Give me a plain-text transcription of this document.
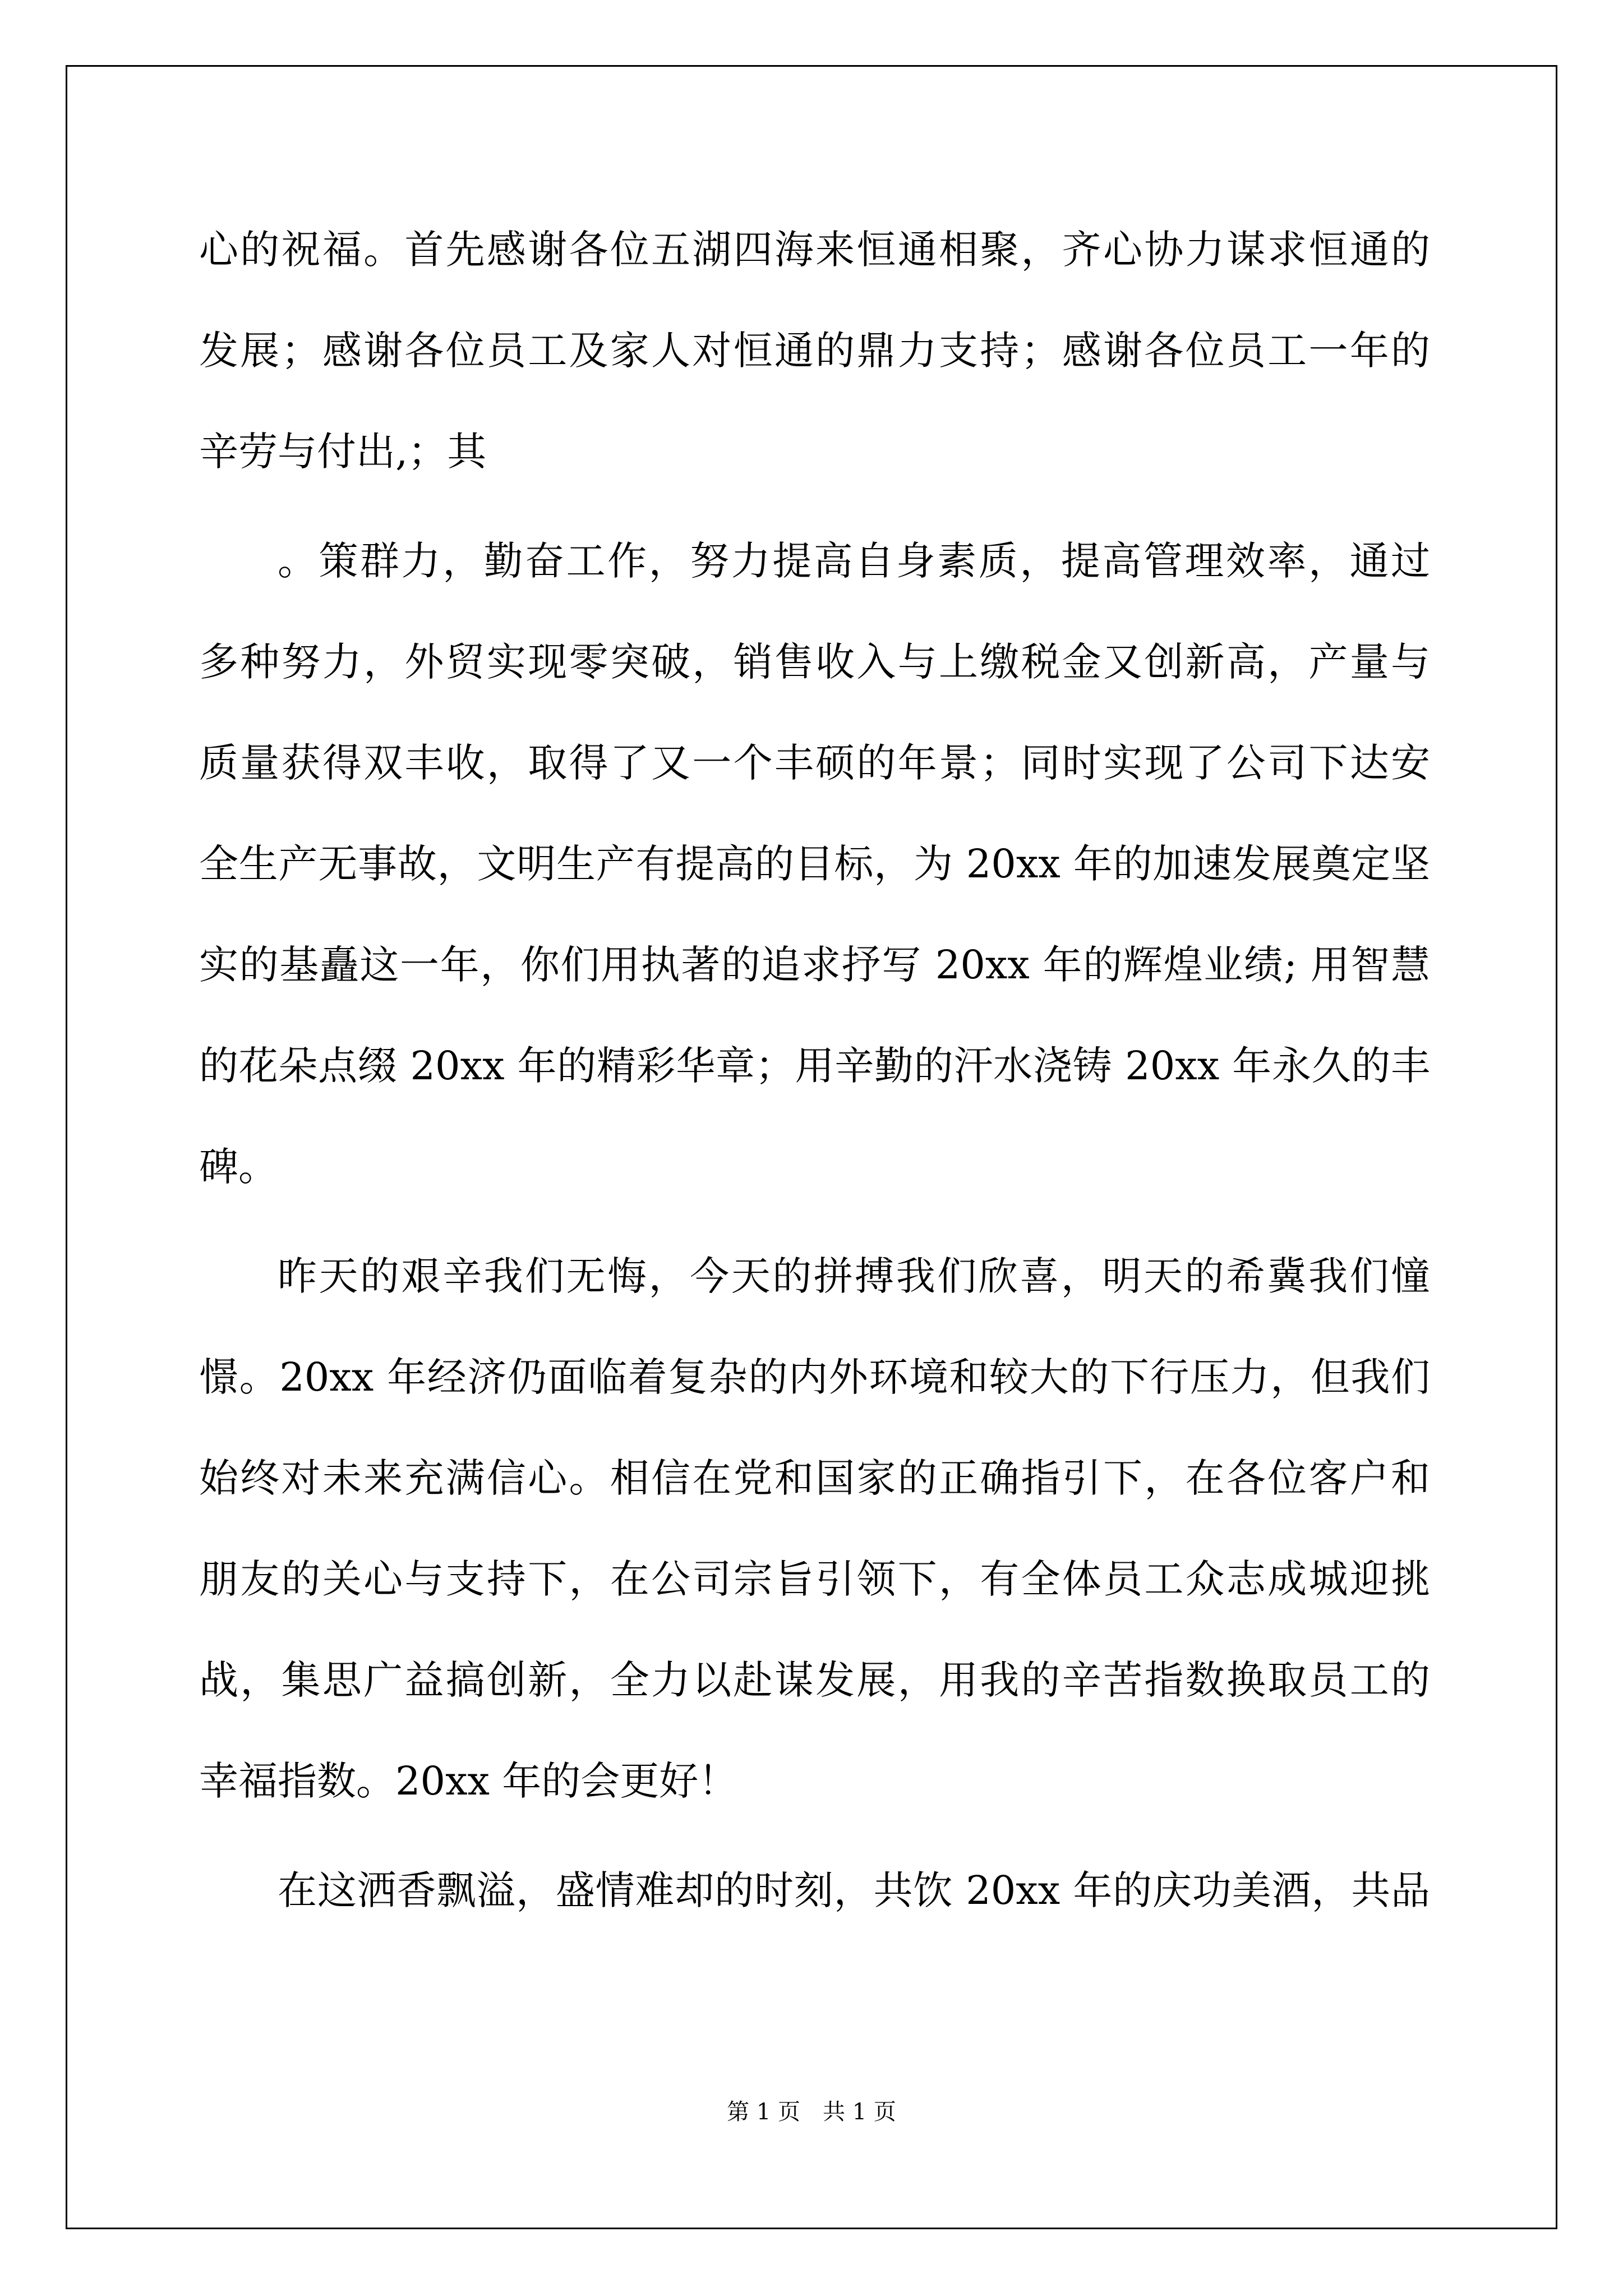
心的祝福。首先感谢各位五湖四海来恒通相聚，齐心协力谋求恒通的
发展；感谢各位员工及家人对恒通的鼎力支持；感谢各位员工一年的
辛劳与付出,；其
。策群力，勤奋工作，努力提高自身素质，提高管理效率，通过
多种努力，外贸实现零突破，销售收入与上缴税金又创新高，产量与
质量获得双丰收，取得了又一个丰硕的年景；同时实现了公司下达安
全生产无事故，文明生产有提高的目标，为 20xx 年的加速发展奠定坚
实的基矗这一年，你们用执著的追求抒写 20xx 年的辉煌业绩; 用智慧
的花朵点缀 20xx 年的精彩华章；用辛勤的汗水浇铸 20xx 年永久的丰
碑。
昨天的艰辛我们无悔，今天的拼搏我们欣喜，明天的希冀我们憧
憬。20xx 年经济仍面临着复杂的内外环境和较大的下行压力，但我们
始终对未来充满信心。相信在党和国家的正确指引下，在各位客户和
朋友的关心与支持下，在公司宗旨引领下，有全体员工众志成城迎挑
战，集思广益搞创新，全力以赴谋发展，用我的辛苦指数换取员工的
幸福指数。20xx 年的会更好！
在这洒香飘溢，盛情难却的时刻，共饮 20xx 年的庆功美酒，共品
第 1 页　共 1 页
